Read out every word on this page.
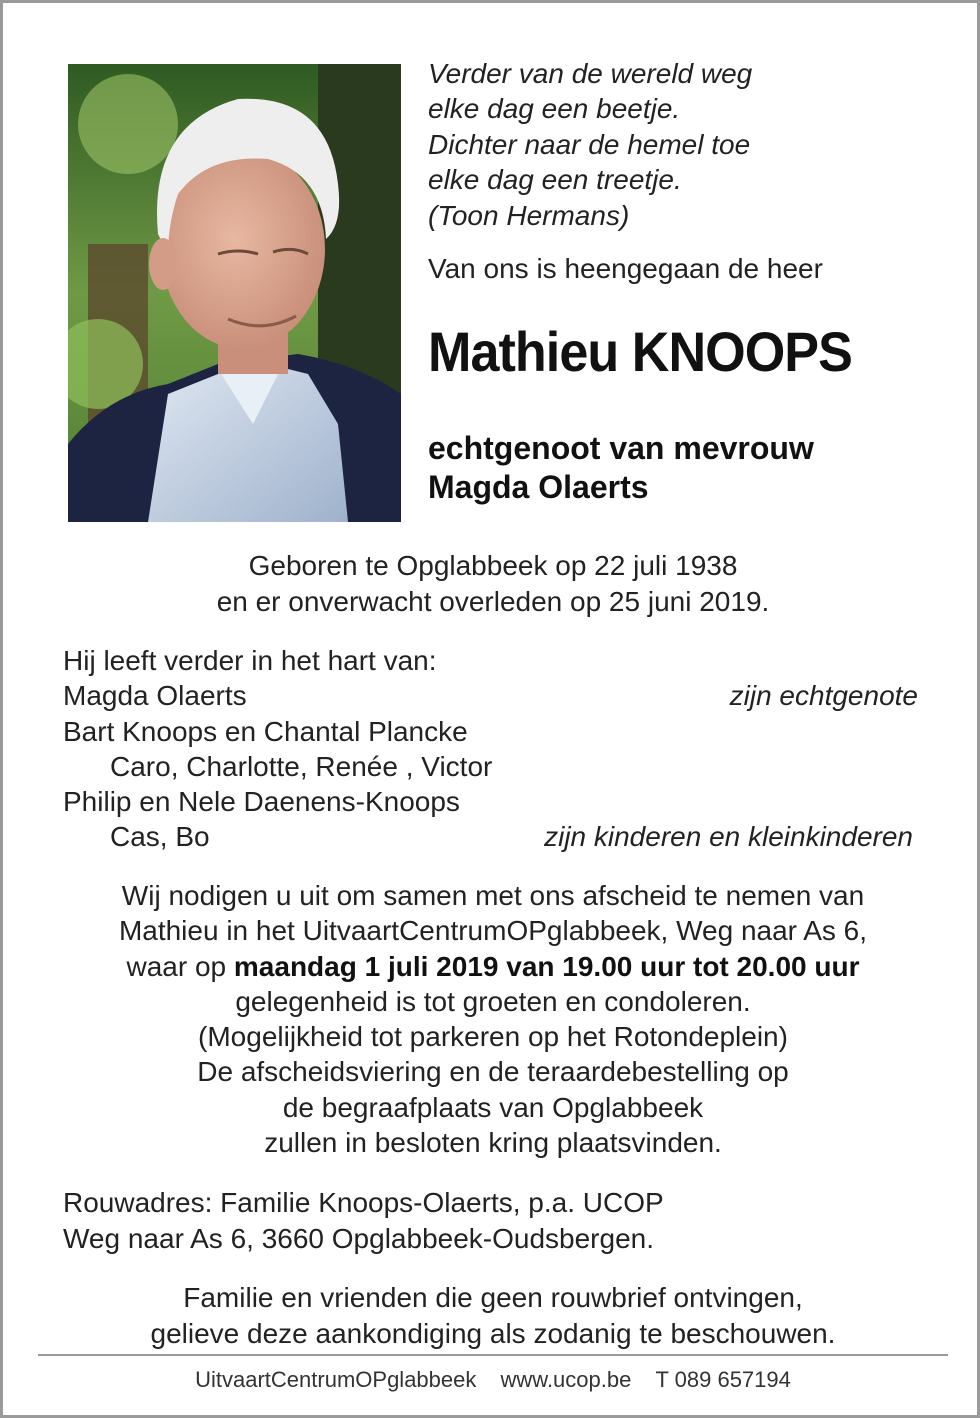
Verder van de wereld weg
elke dag een beetje.
Dichter naar de hemel toe
elke dag een treetje.
(Toon Hermans)
Van ons is heengegaan de heer
Mathieu KNOOPS
echtgenoot van mevrouw
Magda Olaerts
Geboren te Opglabbeek op 22 juli 1938
en er onverwacht overleden op 25 juni 2019.
Hij leeft verder in het hart van:
Magda Olaerts	zijn echtgenote
Bart Knoops en Chantal Plancke
Caro, Charlotte, Renée , Victor
Philip en Nele Daenens-Knoops
Cas, Bo	zijn kinderen en kleinkinderen
Wij nodigen u uit om samen met ons afscheid te nemen van
Mathieu in het UitvaartCentrumOPglabbeek, Weg naar As 6,
waar op maandag 1 juli 2019 van 19.00 uur tot 20.00 uur
gelegenheid is tot groeten en condoleren.
(Mogelijkheid tot parkeren op het Rotondeplein)
De afscheidsviering en de teraardebestelling op
de begraafplaats van Opglabbeek
zullen in besloten kring plaatsvinden.
Rouwadres: Familie Knoops-Olaerts, p.a. UCOP
Weg naar As 6, 3660 Opglabbeek-Oudsbergen.
Familie en vrienden die geen rouwbrief ontvingen,
gelieve deze aankondiging als zodanig te beschouwen.
UitvaartCentrumOPglabbeek www.ucop.be T 089 657194
